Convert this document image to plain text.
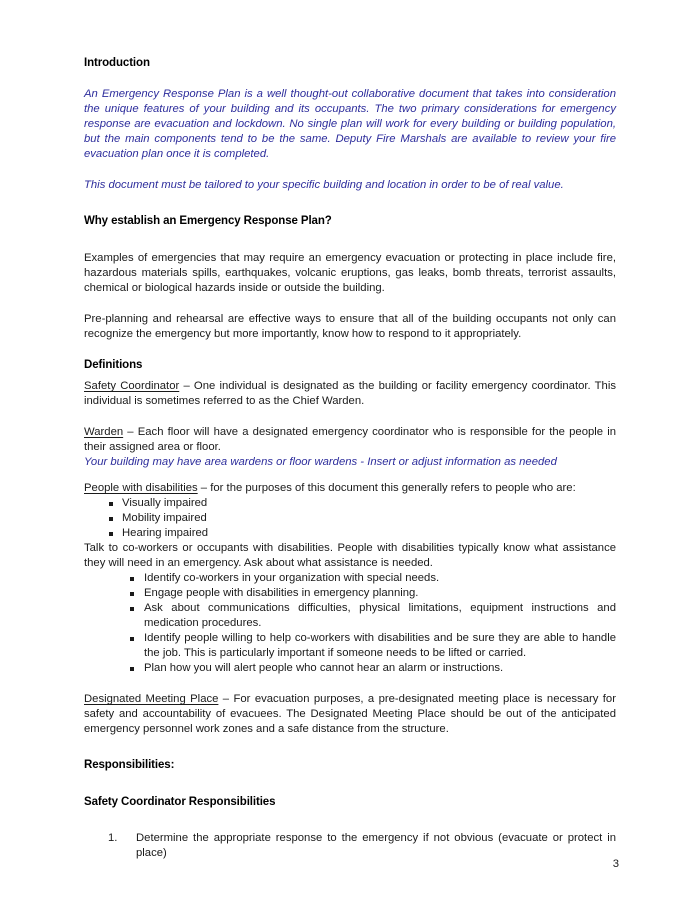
Introduction

An Emergency Response Plan is a well thought-out collaborative document that takes into consideration the unique features of your building and its occupants. The two primary considerations for emergency response are evacuation and lockdown. No single plan will work for every building or building population, but the main components tend to be the same. Deputy Fire Marshals are available to review your fire evacuation plan once it is completed.

This document must be tailored to your specific building and location in order to be of real value.

Why establish an Emergency Response Plan?

Examples of emergencies that may require an emergency evacuation or protecting in place include fire, hazardous materials spills, earthquakes, volcanic eruptions, gas leaks, bomb threats, terrorist assaults, chemical or biological hazards inside or outside the building.

Pre-planning and rehearsal are effective ways to ensure that all of the building occupants not only can recognize the emergency but more importantly, know how to respond to it appropriately.

Definitions

Safety Coordinator – One individual is designated as the building or facility emergency coordinator. This individual is sometimes referred to as the Chief Warden.

Warden – Each floor will have a designated emergency coordinator who is responsible for the people in their assigned area or floor.

Your building may have area wardens or floor wardens - Insert or adjust information as needed

People with disabilities – for the purposes of this document this generally refers to people who are:

Visually impaired
Mobility impaired
Hearing impaired

Talk to co-workers or occupants with disabilities. People with disabilities typically know what assistance they will need in an emergency. Ask about what assistance is needed.

Identify co-workers in your organization with special needs.
Engage people with disabilities in emergency planning.
Ask about communications difficulties, physical limitations, equipment instructions and medication procedures.
Identify people willing to help co-workers with disabilities and be sure they are able to handle the job. This is particularly important if someone needs to be lifted or carried.
Plan how you will alert people who cannot hear an alarm or instructions.

Designated Meeting Place – For evacuation purposes, a pre-designated meeting place is necessary for safety and accountability of evacuees. The Designated Meeting Place should be out of the anticipated emergency personnel work zones and a safe distance from the structure.

Responsibilities:
Safety Coordinator Responsibilities
1. Determine the appropriate response to the emergency if not obvious (evacuate or protect in place)
3
